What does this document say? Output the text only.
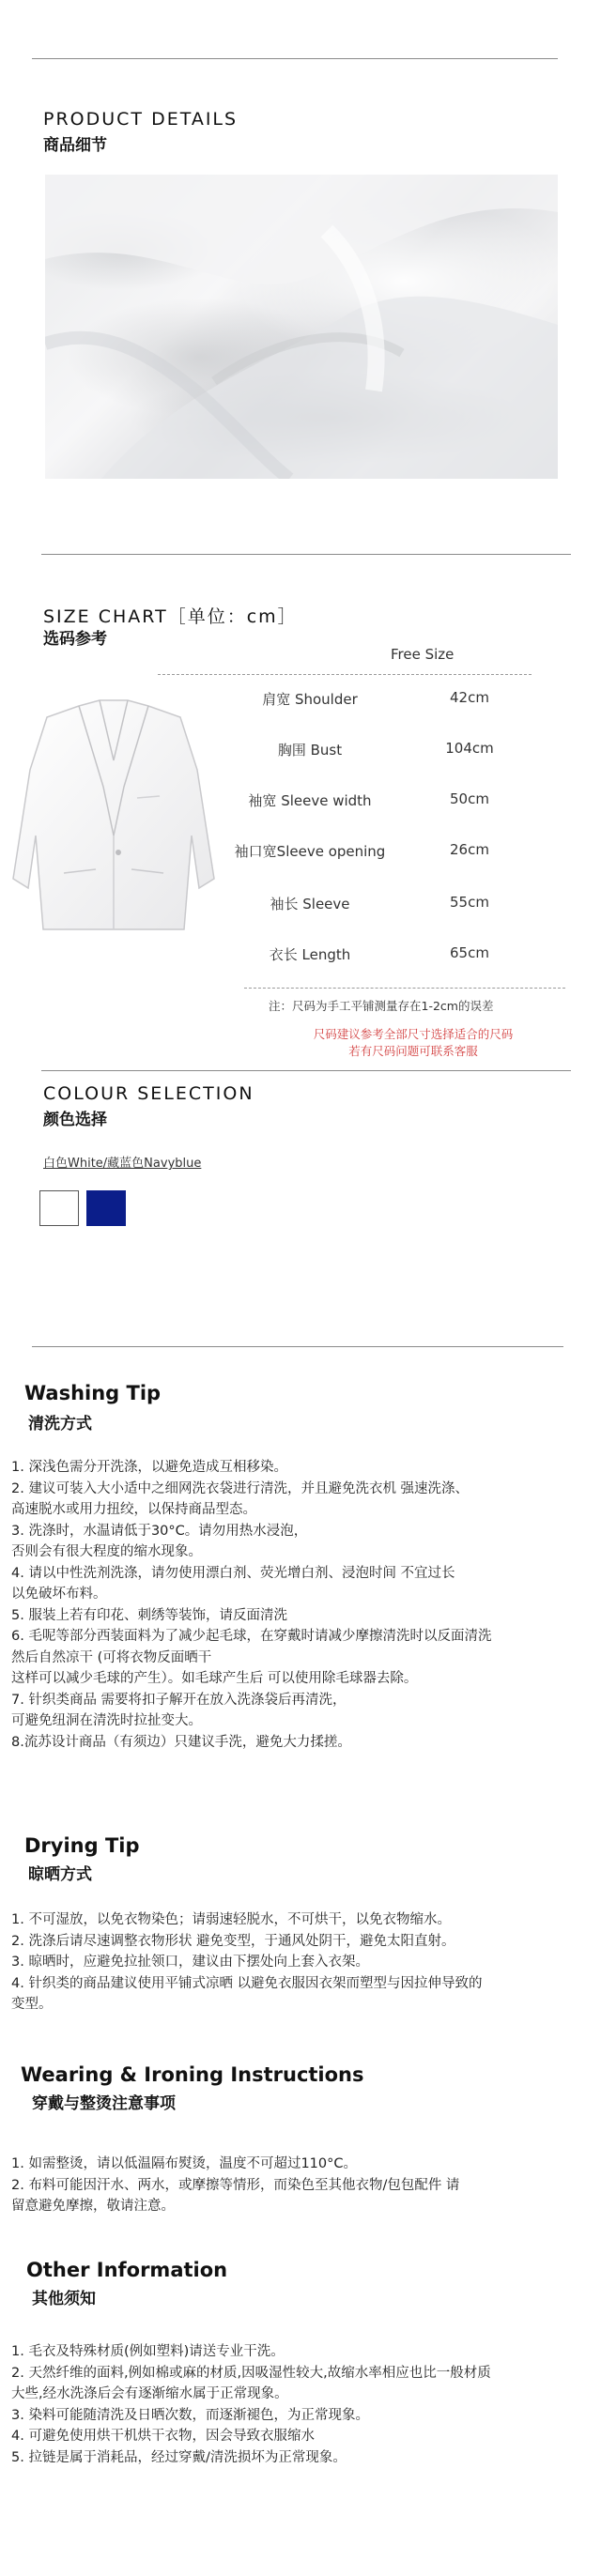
PRODUCT DETAILS
商品细节
SIZE CHART［单位：cm］
选码参考
Free Size
肩宽 Shoulder	42cm
胸围 Bust	104cm
袖宽 Sleeve width	50cm
袖口宽Sleeve opening	26cm
袖长 Sleeve	55cm
衣长 Length	65cm
注：尺码为手工平铺测量存在1-2cm的误差
尺码建议参考全部尺寸选择适合的尺码
若有尺码问题可联系客服
COLOUR SELECTION
颜色选择
白色White/藏蓝色Navyblue
Washing Tip
清洗方式
1. 深浅色需分开洗涤，以避免造成互相移染。
2. 建议可装入大小适中之细网洗衣袋进行清洗，并且避免洗衣机 强速洗涤、
高速脱水或用力扭绞，以保持商品型态。
3. 洗涤时，水温请低于30°C。请勿用热水浸泡，
否则会有很大程度的缩水现象。
4. 请以中性洗剂洗涤，请勿使用漂白剂、荧光增白剂、浸泡时间 不宜过长
以免破坏布料。
5. 服装上若有印花、刺绣等装饰，请反面清洗
6. 毛呢等部分西装面料为了减少起毛球，在穿戴时请减少摩擦清洗时以反面清洗
然后自然凉干 (可将衣物反面晒干
这样可以减少毛球的产生）。如毛球产生后 可以使用除毛球器去除。
7. 针织类商品 需要将扣子解开在放入洗涤袋后再清洗，
可避免纽洞在清洗时拉扯变大。
8.流苏设计商品（有须边）只建议手洗，避免大力揉搓。
Drying Tip
晾晒方式
1. 不可湿放，以免衣物染色；请弱速轻脱水，不可烘干，以免衣物缩水。
2. 洗涤后请尽速调整衣物形状 避免变型，于通风处阴干，避免太阳直射。
3. 晾晒时，应避免拉扯领口，建议由下摆处向上套入衣架。
4. 针织类的商品建议使用平铺式凉晒 以避免衣服因衣架而塑型与因拉伸导致的
变型。
Wearing & Ironing Instructions
穿戴与整烫注意事项
1. 如需整烫，请以低温隔布熨烫，温度不可超过110°C。
2. 布料可能因汗水、两水，或摩擦等情形，而染色至其他衣物/包包配件 请
留意避免摩擦，敬请注意。
Other Information
其他须知
1. 毛衣及特殊材质(例如塑料)请送专业干洗。
2. 天然纤维的面料,例如棉或麻的材质,因吸湿性较大,故缩水率相应也比一般材质
大些,经水洗涤后会有逐渐缩水属于正常现象。
3. 染料可能随清洗及日晒次数，而逐渐褪色，为正常现象。
4. 可避免使用烘干机烘干衣物，因会导致衣服缩水
5. 拉链是属于消耗品，经过穿戴/清洗损坏为正常现象。
